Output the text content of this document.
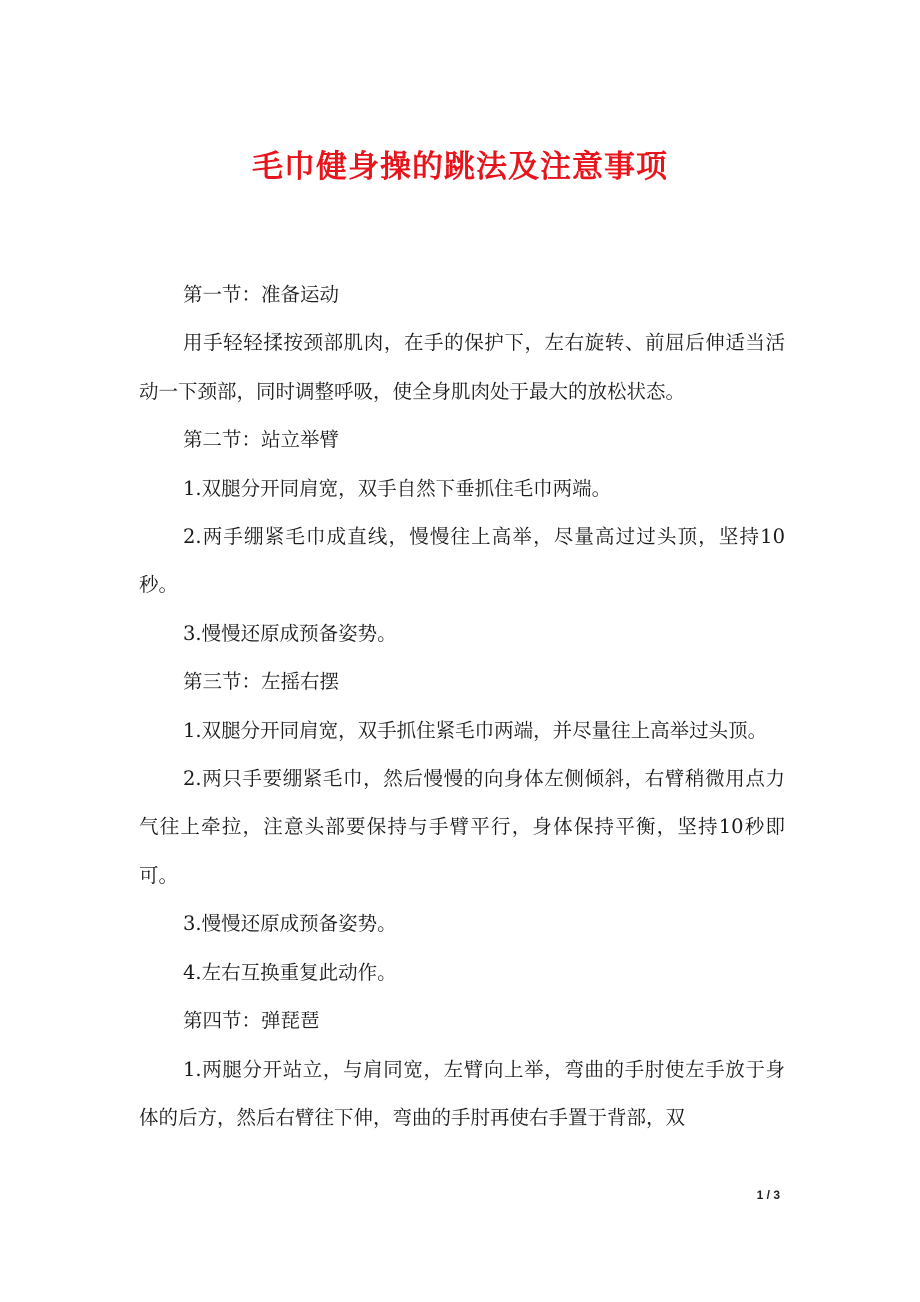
毛巾健身操的跳法及注意事项

第一节：准备运动

用手轻轻揉按颈部肌肉，在手的保护下，左右旋转、前屈后伸适当活动一下颈部，同时调整呼吸，使全身肌肉处于最大的放松状态。

第二节：站立举臂

1.双腿分开同肩宽，双手自然下垂抓住毛巾两端。

2.两手绷紧毛巾成直线，慢慢往上高举，尽量高过过头顶，坚持10秒。

3.慢慢还原成预备姿势。

第三节：左摇右摆

1.双腿分开同肩宽，双手抓住紧毛巾两端，并尽量往上高举过头顶。

2.两只手要绷紧毛巾，然后慢慢的向身体左侧倾斜，右臂稍微用点力气往上牵拉，注意头部要保持与手臂平行，身体保持平衡，坚持10秒即可。

3.慢慢还原成预备姿势。

4.左右互换重复此动作。

第四节：弹琵琶

1.两腿分开站立，与肩同宽，左臂向上举，弯曲的手肘使左手放于身体的后方，然后右臂往下伸，弯曲的手肘再使右手置于背部，双

1 / 3
